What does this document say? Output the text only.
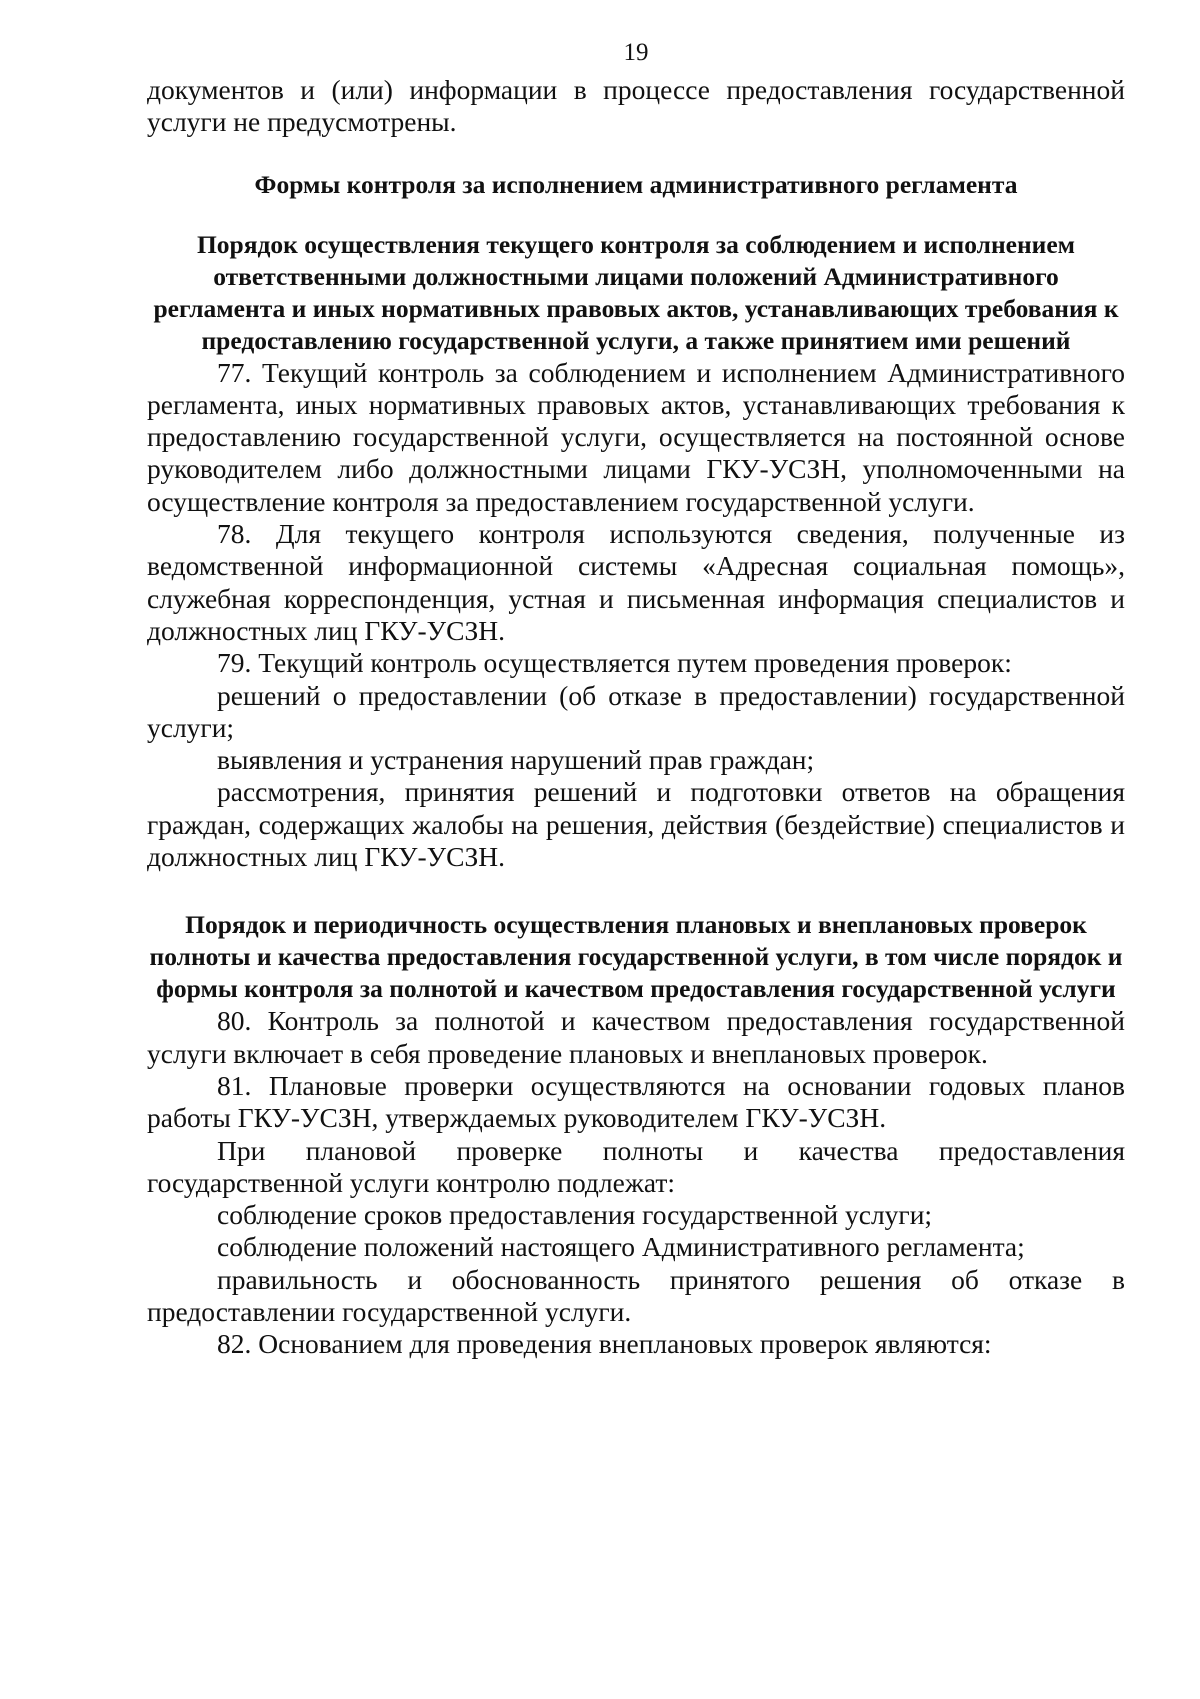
19

документов и (или) информации в процессе предоставления государственной услуги не предусмотрены.

Формы контроля за исполнением административного регламента
Порядок осуществления текущего контроля за соблюдением и исполнением ответственными должностными лицами положений Административного регламента и иных нормативных правовых актов, устанавливающих требования к предоставлению государственной услуги, а также принятием ими решений

77. Текущий контроль за соблюдением и исполнением Административного регламента, иных нормативных правовых актов, устанавливающих требования к предоставлению государственной услуги, осуществляется на постоянной основе руководителем либо должностными лицами ГКУ-УСЗН, уполномоченными на осуществление контроля за предоставлением государственной услуги.

78. Для текущего контроля используются сведения, полученные из ведомственной информационной системы «Адресная социальная помощь», служебная корреспонденция, устная и письменная информация специалистов и должностных лиц ГКУ-УСЗН.

79. Текущий контроль осуществляется путем проведения проверок:

решений о предоставлении (об отказе в предоставлении) государственной услуги;

выявления и устранения нарушений прав граждан;

рассмотрения, принятия решений и подготовки ответов на обращения граждан, содержащих жалобы на решения, действия (бездействие) специалистов и должностных лиц ГКУ-УСЗН.

Порядок и периодичность осуществления плановых и внеплановых проверок полноты и качества предоставления государственной услуги, в том числе порядок и формы контроля за полнотой и качеством предоставления государственной услуги

80. Контроль за полнотой и качеством предоставления государственной услуги включает в себя проведение плановых и внеплановых проверок.

81. Плановые проверки осуществляются на основании годовых планов работы ГКУ-УСЗН, утверждаемых руководителем ГКУ-УСЗН.

При плановой проверке полноты и качества предоставления государственной услуги контролю подлежат:

соблюдение сроков предоставления государственной услуги;

соблюдение положений настоящего Административного регламента;

правильность и обоснованность принятого решения об отказе в предоставлении государственной услуги.

82. Основанием для проведения внеплановых проверок являются:
